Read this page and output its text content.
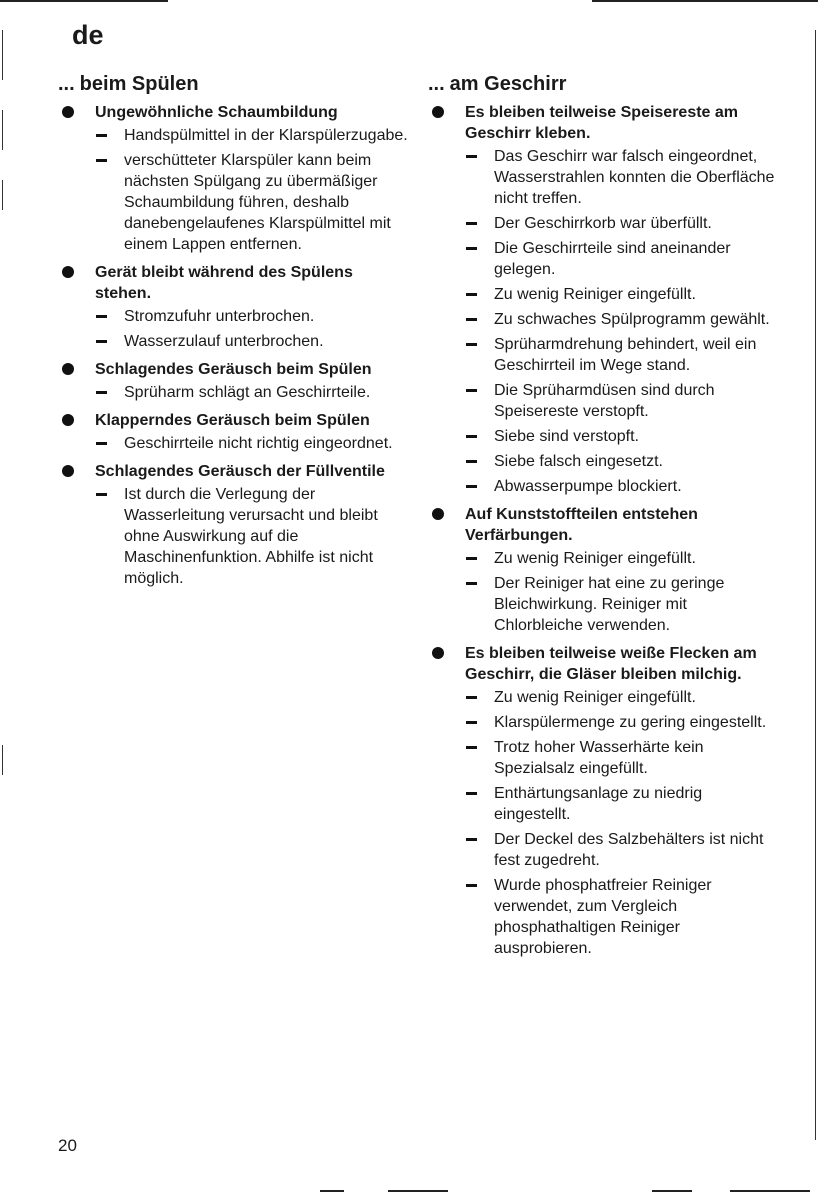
de
... beim Spülen

Ungewöhnliche Schaumbildung

Handspülmittel in der Klarspülerzugabe.

verschütteter Klarspüler kann beim nächsten Spülgang zu übermäßiger Schaumbildung führen, deshalb danebengelaufenes Klarspülmittel mit einem Lappen entfernen.

Gerät bleibt während des Spülens stehen.

Stromzufuhr unterbrochen.

Wasserzulauf unterbrochen.

Schlagendes Geräusch beim Spülen

Sprüharm schlägt an Geschirrteile.

Klapperndes Geräusch beim Spülen

Geschirrteile nicht richtig eingeordnet.

Schlagendes Geräusch der Füllventile

Ist durch die Verlegung der Wasserleitung verursacht und bleibt ohne Auswirkung auf die Maschinenfunktion. Abhilfe ist nicht möglich.

... am Geschirr

Es bleiben teilweise Speisereste am Geschirr kleben.

Das Geschirr war falsch eingeordnet, Wasserstrahlen konnten die Oberfläche nicht treffen.

Der Geschirrkorb war überfüllt.

Die Geschirrteile sind aneinander gelegen.

Zu wenig Reiniger eingefüllt.

Zu schwaches Spülprogramm gewählt.

Sprüharmdrehung behindert, weil ein Geschirrteil im Wege stand.

Die Sprüharmdüsen sind durch Speisereste verstopft.

Siebe sind verstopft.

Siebe falsch eingesetzt.

Abwasserpumpe blockiert.

Auf Kunststoffteilen entstehen Verfärbungen.

Zu wenig Reiniger eingefüllt.

Der Reiniger hat eine zu geringe Bleichwirkung. Reiniger mit Chlorbleiche verwenden.

Es bleiben teilweise weiße Flecken am Geschirr, die Gläser bleiben milchig.

Zu wenig Reiniger eingefüllt.

Klarspülermenge zu gering eingestellt.

Trotz hoher Wasserhärte kein Spezialsalz eingefüllt.

Enthärtungsanlage zu niedrig eingestellt.

Der Deckel des Salzbehälters ist nicht fest zugedreht.

Wurde phosphatfreier Reiniger verwendet, zum Vergleich phosphathaltigen Reiniger ausprobieren.

20
